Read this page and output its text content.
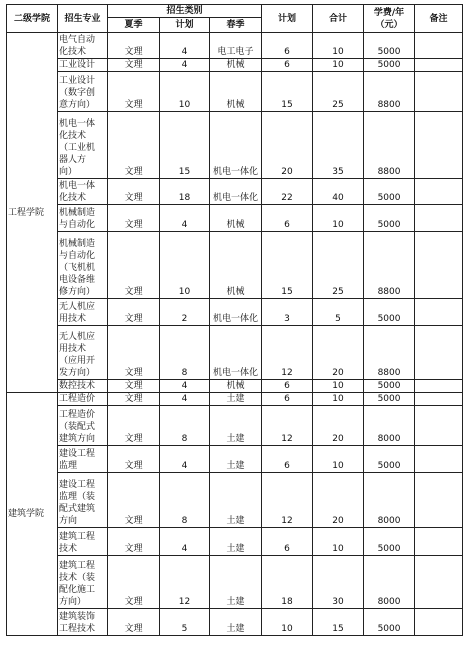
二级学院	招生专业	招生类别			计划	合计	学费/年（元）	备注
		夏季	计划	春季				
工程学院	电气自动
化技术	文理	4	电工电子	6	10	5000	
	工业设计	文理	4	机械	6	10	5000	
	工业设计
（数字创
意方向）	文理	10	机械	15	25	8800	
	机电一体
化技术
（工业机
器人方
向）	文理	15	机电一体化	20	35	8800	
	机电一体
化技术	文理	18	机电一体化	22	40	5000	
	机械制造
与自动化	文理	4	机械	6	10	5000	
	机械制造
与自动化
（飞机机
电设备维
修方向）	文理	10	机械	15	25	8800	
	无人机应
用技术	文理	2	机电一体化	3	5	5000	
	无人机应
用技术
（应用开
发方向）	文理	8	机电一体化	12	20	8800	
	数控技术	文理	4	机械	6	10	5000	
建筑学院	工程造价	文理	4	土建	6	10	5000	
	工程造价
（装配式
建筑方向	文理	8	土建	12	20	8000	
	建设工程
监理	文理	4	土建	6	10	5000	
	建设工程
监理（装
配式建筑
方向	文理	8	土建	12	20	8000	
	建筑工程
技术	文理	4	土建	6	10	5000	
	建筑工程
技术（装
配化施工
方向）	文理	12	土建	18	30	8000	
	建筑装饰
工程技术	文理	5	土建	10	15	5000	
